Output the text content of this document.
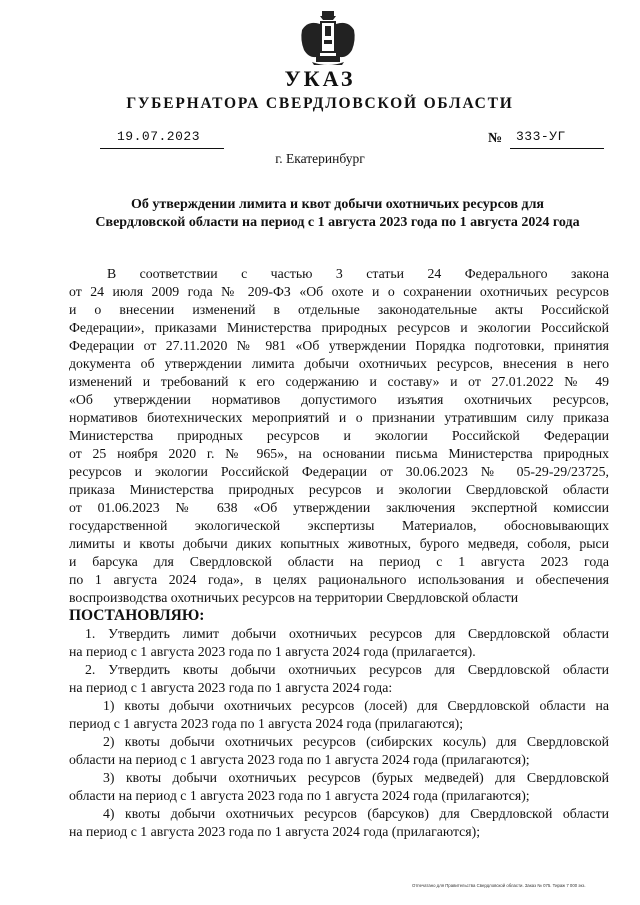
УКАЗ
ГУБЕРНАТОРА СВЕРДЛОВСКОЙ ОБЛАСТИ
19.07.2023	№ 333-УГ
г. Екатеринбург
Об утверждении лимита и квот добычи охотничьих ресурсов для
Свердловской области на период с 1 августа 2023 года по 1 августа 2024 года
В соответствии с частью 3 статьи 24 Федерального закона
от 24 июля 2009 года № 209-ФЗ «Об охоте и о сохранении охотничьих ресурсов
и о внесении изменений в отдельные законодательные акты Российской
Федерации», приказами Министерства природных ресурсов и экологии Российской
Федерации от 27.11.2020 № 981 «Об утверждении Порядка подготовки, принятия
документа об утверждении лимита добычи охотничьих ресурсов, внесения в него
изменений и требований к его содержанию и составу» и от 27.01.2022 № 49
«Об утверждении нормативов допустимого изъятия охотничьих ресурсов,
нормативов биотехнических мероприятий и о признании утратившим силу приказа
Министерства природных ресурсов и экологии Российской Федерации
от 25 ноября 2020 г. № 965», на основании письма Министерства природных
ресурсов и экологии Российской Федерации от 30.06.2023 № 05-29-29/23725,
приказа Министерства природных ресурсов и экологии Свердловской области
от 01.06.2023 № 638 «Об утверждении заключения экспертной комиссии
государственной экологической экспертизы Материалов, обосновывающих
лимиты и квоты добычи диких копытных животных, бурого медведя, соболя, рыси
и барсука для Свердловской области на период с 1 августа 2023 года
по 1 августа 2024 года», в целях рационального использования и обеспечения
воспроизводства охотничьих ресурсов на территории Свердловской области
ПОСТАНОВЛЯЮ:
1. Утвердить лимит добычи охотничьих ресурсов для Свердловской области
на период с 1 августа 2023 года по 1 августа 2024 года (прилагается).
2. Утвердить квоты добычи охотничьих ресурсов для Свердловской области
на период с 1 августа 2023 года по 1 августа 2024 года:
1) квоты добычи охотничьих ресурсов (лосей) для Свердловской области на
период с 1 августа 2023 года по 1 августа 2024 года (прилагаются);
2) квоты добычи охотничьих ресурсов (сибирских косуль) для Свердловской
области на период с 1 августа 2023 года по 1 августа 2024 года (прилагаются);
3) квоты добычи охотничьих ресурсов (бурых медведей) для Свердловской
области на период с 1 августа 2023 года по 1 августа 2024 года (прилагаются);
4) квоты добычи охотничьих ресурсов (барсуков) для Свердловской области
на период с 1 августа 2023 года по 1 августа 2024 года (прилагаются);
Отпечатано для Правительства Свердловской области. Заказ № 075. Тираж 7 000 экз.
